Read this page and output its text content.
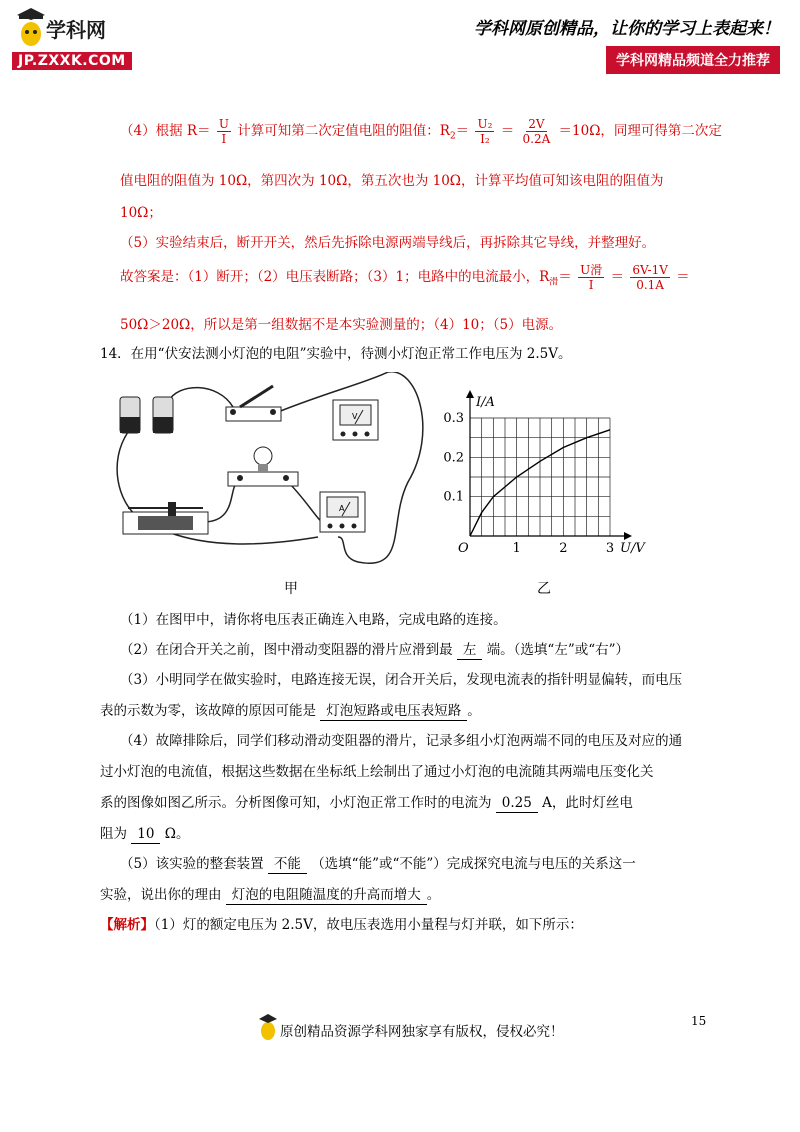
学科网
JP.ZXXK.COM
学科网原创精品，让你的学习上表起来！
学科网精品频道全力推荐
（4）根据 $R= \frac{U}{I}$ 计算可知第二次定值电阻的阻值：$R_2= \frac{\text{U₂}}{\text{I₂}} = \frac{2V}{0.2A} =10\Omega$，同理可得第二次定
值电阻的阻值为 10Ω，第四次为 10Ω，第五次也为 10Ω，计算平均值可知该电阻的阻值为
10Ω；
（5）实验结束后，断开开关，然后先拆除电源两端导线后，再拆除其它导线，并整理好。
故答案是：（1）断开；（2）电压表断路；（3）1；电路中的电流最小，$R_滑= \frac{\text{U滑}}{I} = \frac{6V-1V}{0.1A}$ ＝
50Ω＞20Ω，所以是第一组数据不是本实验测量的；（4）10；（5）电源。
14．在用“伏安法测小灯泡的电阻”实验中，待测小灯泡正常工作电压为 2.5V。
V
A
甲
1	2	3
0.1
0.2
0.3
O
I/A
U/V
乙
（1）在图甲中，请你将电压表正确连入电路，完成电路的连接。
（2）在闭合开关之前，图中滑动变阻器的滑片应滑到最 左 端。（选填“左”或“右”）
（3）小明同学在做实验时，电路连接无误，闭合开关后，发现电流表的指针明显偏转，而电压
表的示数为零，该故障的原因可能是 灯泡短路或电压表短路 。
（4）故障排除后，同学们移动滑动变阻器的滑片，记录多组小灯泡两端不同的电压及对应的通
过小灯泡的电流值，根据这些数据在坐标纸上绘制出了通过小灯泡的电流随其两端电压变化关
系的图像如图乙所示。分析图像可知，小灯泡正常工作时的电流为 0.25 A，此时灯丝电
阻为 10 Ω。
（5）该实验的整套装置 不能 （选填“能”或“不能”）完成探究电流与电压的关系这一
实验，说出你的理由 灯泡的电阻随温度的升高而增大 。
【解析】（1）灯的额定电压为 2.5V，故电压表选用小量程与灯并联，如下所示：
15
原创精品资源学科网独家享有版权，侵权必究！
